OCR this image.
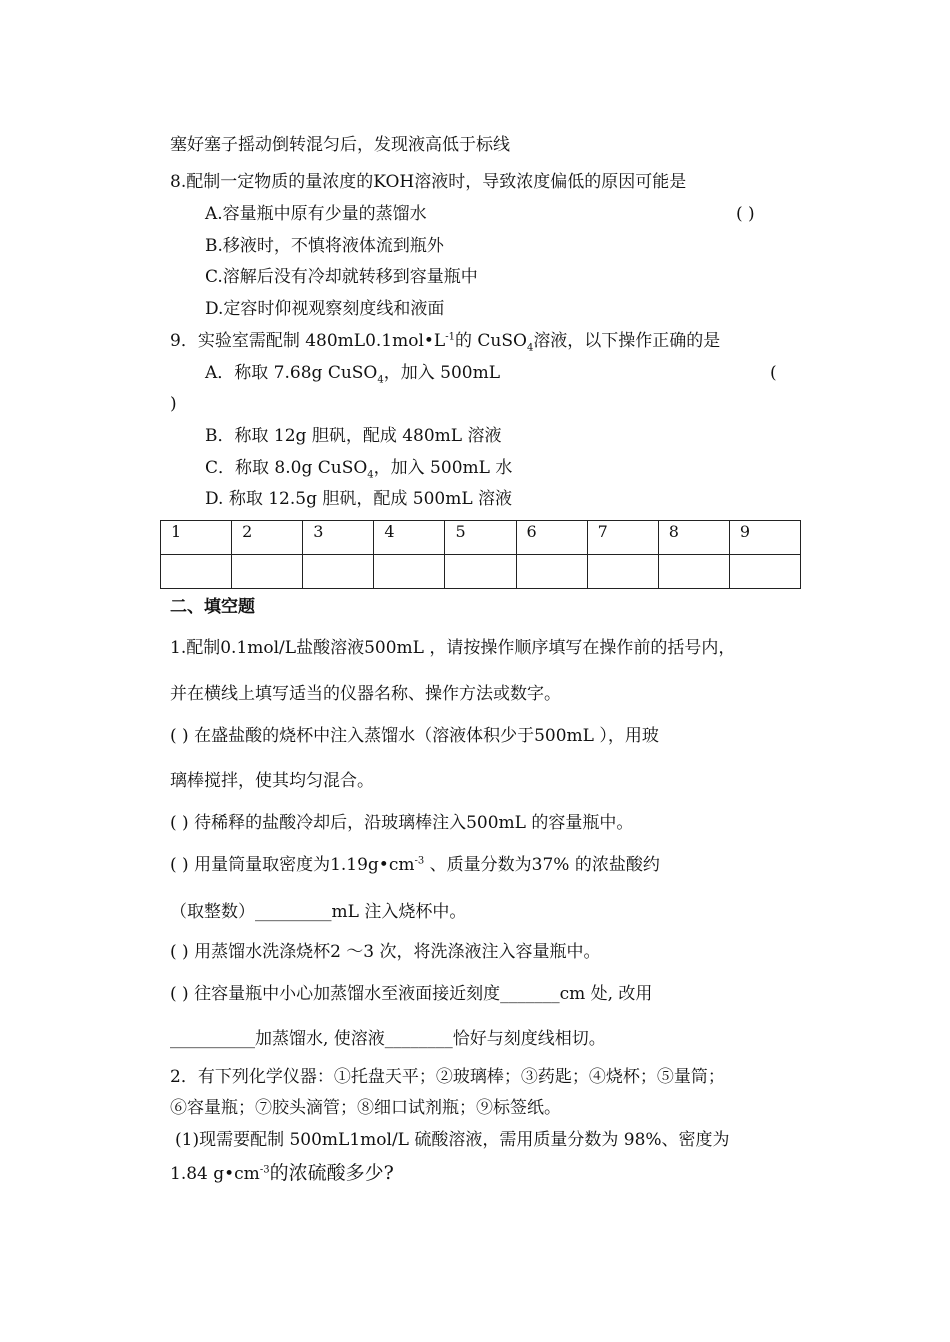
塞好塞子摇动倒转混匀后，发现液高低于标线
8.配制一定物质的量浓度的KOH溶液时，导致浓度偏低的原因可能是
A.容量瓶中原有少量的蒸馏水	( )
B.移液时，不慎将液体流到瓶外
C.溶解后没有冷却就转移到容量瓶中
D.定容时仰视观察刻度线和液面
9．实验室需配制 $480mL0.1mol•L^{-1}$的 CuSO$_4$溶液，以下操作正确的是
A．称取 7.68g CuSO$_4$，加入 500mL	(
)
B．称取 12g 胆矾，配成 480mL 溶液
C．称取 8.0g CuSO$_4$，加入 500mL 水
D. 称取 12.5g 胆矾，配成 500mL 溶液
1	2	3	4	5	6	7	8	9

二、填空题
1.配制0.1mol/L盐酸溶液500mL ，请按操作顺序填写在操作前的括号内，
并在横线上填写适当的仪器名称、操作方法或数字。
( ) 在盛盐酸的烧杯中注入蒸馏水（溶液体积少于500mL ），用玻
璃棒搅拌，使其均匀混合。
( ) 待稀释的盐酸冷却后，沿玻璃棒注入500mL 的容量瓶中。
( ) 用量筒量取密度为$1.19g•cm^{-3}$ 、质量分数为37% 的浓盐酸约
（取整数）_________mL 注入烧杯中。
( ) 用蒸馏水洗涤烧杯2 ～3 次，将洗涤液注入容量瓶中。
( ) 往容量瓶中小心加蒸馏水至液面接近刻度_______cm 处, 改用
__________加蒸馏水, 使溶液________恰好与刻度线相切。
2．有下列化学仪器：①托盘天平；②玻璃棒；③药匙；④烧杯；⑤量筒；
⑥容量瓶；⑦胶头滴管；⑧细口试剂瓶；⑨标签纸。
(1)现需要配制 500mL1mol/L 硫酸溶液，需用质量分数为 98%、密度为
1.84 $g•cm^{-3}$的浓硫酸多少?
